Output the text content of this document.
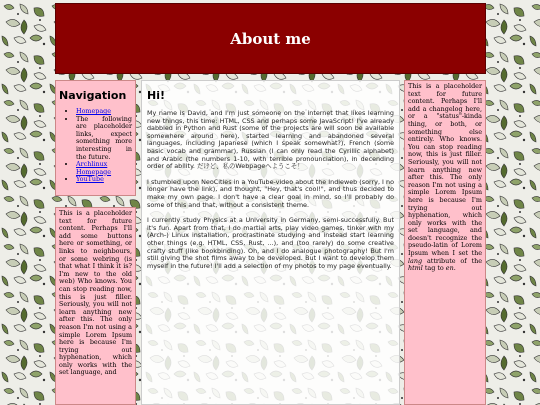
About me
Navigation
• Homepage
• The following are placeholder links, expect something more interesting in the future.
• Archlinux Homepage
• YouTube

This is a placeholder text for future content. Perhaps I'll add some buttons here or something, or links to neighbours, or some webring (is that what I think it is? I'm new to the old web) Who knows. You can stop reading now, this is just filler. Seriously, you will not learn anything new after this. The only reason I'm not using a simple Lorem Ipsum here is because I'm trying out hyphenation, which only works with the set language, and

Hi!

My name is David, and I'm just someone on the internet that likes learning new things, this time: HTML, CSS and perhaps some JavaScript! I've already dabbled in Python and Rust (some of the projects are will soon be available somewhere around here), started learning and abandoned several languages, including Japanese (which I speak somewhat?), French (some basic vocab and grammar), Russian (I can only read the Cyrillic alphabet) and Arabic (the numbers 1-10, with terrible pronounciation), in decending order of ability. だけど、私のWebpageへようこそ！

I stumbled upon NeoCities in a YouTube-video about the Indieweb (sorry, I no longer have the link), and thought, "Hey, that's cool!", and thus decided to make my own page. I don't have a clear goal in mind, so I'll probably do some of this and that, without a consistent theme.

I currently study Physics at a University in Germany, semi-successfully. But it's fun. Apart from that, I do martial arts, play video games, tinker with my (Arch-) Linux installation, procrastinate studying and instead start learning other things (e.g. HTML, CSS, Rust, ...), and (too rarely) do some creative crafty stuff (like bookbinding). Oh, and I do analogue photography! But I'm still giving the shot films away to be developed. But I want to develop them myself in the future! I'll add a selection of my photos to my page eventually.

This is a placeholder text for future content. Perhaps I'll add a changelog here, or a "status"-kinda thing, or both, or something else entirely. Who knows. You can stop reading now, this is just filler. Seriously, you will not learn anything new after this. The only reason I'm not using a simple Lorem Ipsum here is because I'm trying out hyphenation, which only works with the set language, and doesn't recognize the pseudo-latin of Lorem Ipsum when I set the lang attribute of the html tag to en.
